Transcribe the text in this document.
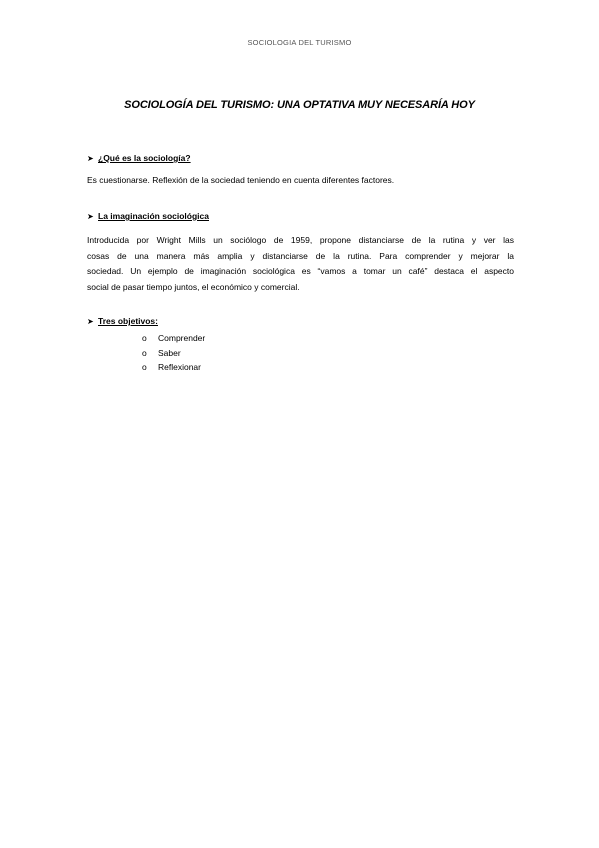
SOCIOLOGIA DEL TURISMO
SOCIOLOGÍA DEL TURISMO: UNA OPTATIVA MUY NECESARÍA HOY
➤ ¿Qué es la sociología?
Es cuestionarse. Reflexión de la sociedad teniendo en cuenta diferentes factores.
➤ La imaginación sociológica
Introducida por Wright Mills un sociólogo de 1959, propone distanciarse de la rutina y ver las
cosas de una manera más amplia y distanciarse de la rutina. Para comprender y mejorar la
sociedad. Un ejemplo de imaginación sociológica es “vamos a tomar un café” destaca el aspecto
social de pasar tiempo juntos, el económico y comercial.
➤ Tres objetivos:
o Comprender
o Saber
o Reflexionar
